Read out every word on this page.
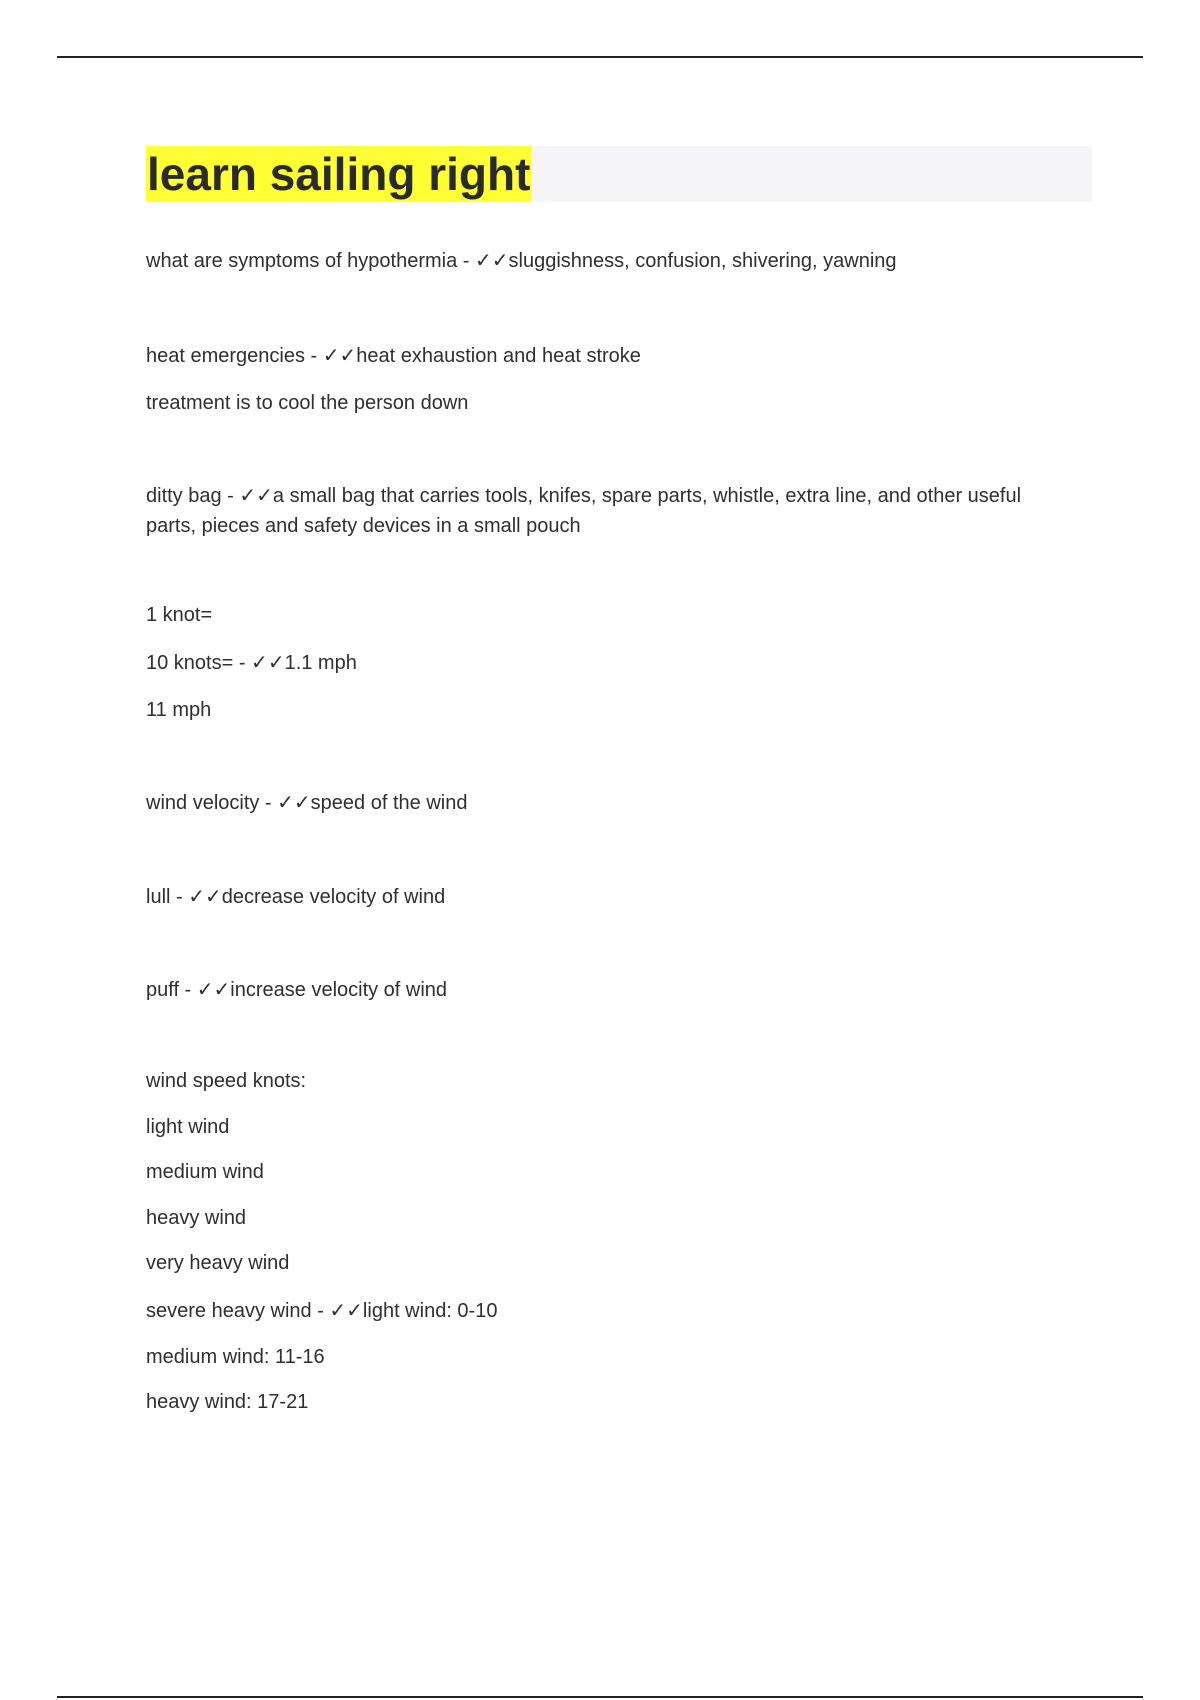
learn sailing right

what are symptoms of hypothermia - ✓✓sluggishness, confusion, shivering, yawning

heat emergencies - ✓✓heat exhaustion and heat stroke

treatment is to cool the person down

ditty bag - ✓✓a small bag that carries tools, knifes, spare parts, whistle, extra line, and other useful parts, pieces and safety devices in a small pouch

1 knot=

10 knots= - ✓✓1.1 mph

11 mph

wind velocity - ✓✓speed of the wind

lull - ✓✓decrease velocity of wind

puff - ✓✓increase velocity of wind

wind speed knots:

light wind

medium wind

heavy wind

very heavy wind

severe heavy wind - ✓✓light wind: 0-10

medium wind: 11-16

heavy wind: 17-21
